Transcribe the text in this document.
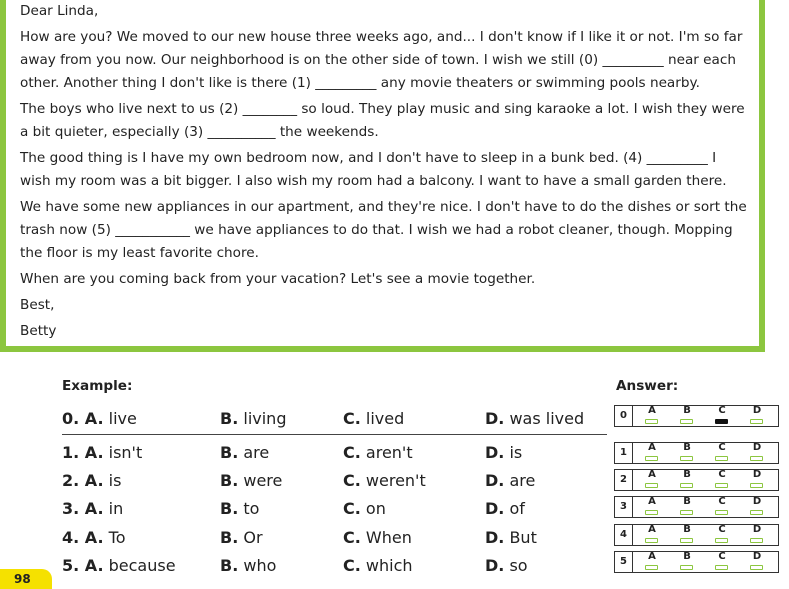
Dear Linda,

How are you? We moved to our new house three weeks ago, and... I don't know if I like it or not. I'm so far away from you now. Our neighborhood is on the other side of town. I wish we still (0) _________ near each other. Another thing I don't like is there (1) _________ any movie theaters or swimming pools nearby.

The boys who live next to us (2) ________ so loud. They play music and sing karaoke a lot. I wish they were a bit quieter, especially (3) __________ the weekends.

The good thing is I have my own bedroom now, and I don't have to sleep in a bunk bed. (4) _________ I wish my room was a bit bigger. I also wish my room had a balcony. I want to have a small garden there.

We have some new appliances in our apartment, and they're nice. I don't have to do the dishes or sort the trash now (5) ___________ we have appliances to do that. I wish we had a robot cleaner, though. Mopping the floor is my least favorite chore.

When are you coming back from your vacation? Let's see a movie together.

Best,

Betty

Example:	Answer:
0. A. live	B. living	C. lived	D. was lived
1. A. isn't	B. are	C. aren't	D. is
2. A. is	B. were	C. weren't	D. are
3. A. in	B. to	C. on	D. of
4. A. To	B. Or	C. When	D. But
5. A. because	B. who	C. which	D. so
0	A	B	C	D
1	A	B	C	D
2	A	B	C	D
3	A	B	C	D
4	A	B	C	D
5	A	B	C	D
98
